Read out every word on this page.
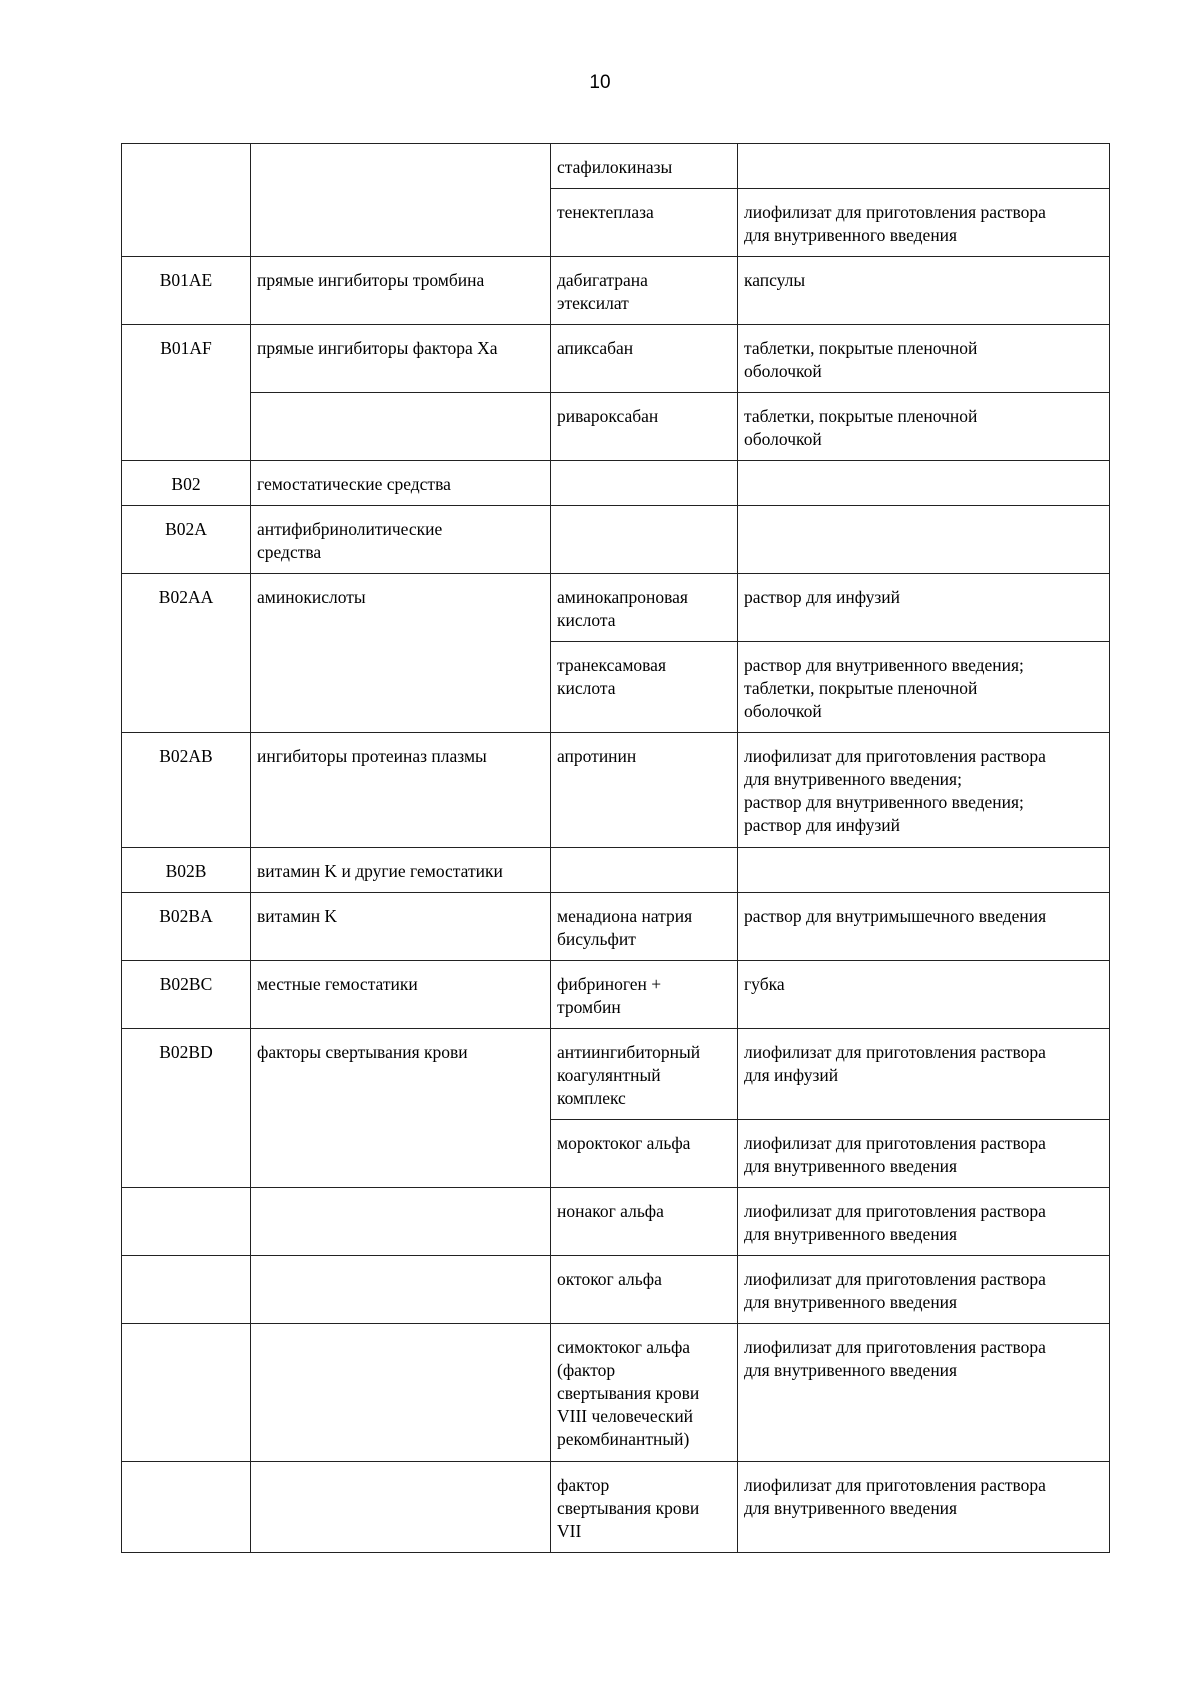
10
		стафилокиназы	
		тенектеплаза	лиофилизат для приготовления раствора
для внутривенного введения
B01AE	прямые ингибиторы тромбина	дабигатрана
этексилат	капсулы
B01AF	прямые ингибиторы фактора Xa	апиксабан	таблетки, покрытые пленочной
оболочкой
		ривароксабан	таблетки, покрытые пленочной
оболочкой
B02	гемостатические средства		
B02A	антифибринолитические
средства		
B02AA	аминокислоты	аминокапроновая
кислота	раствор для инфузий
		транексамовая
кислота	раствор для внутривенного введения;
таблетки, покрытые пленочной
оболочкой
B02AB	ингибиторы протеиназ плазмы	апротинин	лиофилизат для приготовления раствора
для внутривенного введения;
раствор для внутривенного введения;
раствор для инфузий
B02B	витамин K и другие гемостатики		
B02BA	витамин K	менадиона натрия
бисульфит	раствор для внутримышечного введения
B02BC	местные гемостатики	фибриноген +
тромбин	губка
B02BD	факторы свертывания крови	антиингибиторный
коагулянтный
комплекс	лиофилизат для приготовления раствора
для инфузий
		мороктоког альфа	лиофилизат для приготовления раствора
для внутривенного введения
		нонаког альфа	лиофилизат для приготовления раствора
для внутривенного введения
		октоког альфа	лиофилизат для приготовления раствора
для внутривенного введения
		симоктоког альфа
(фактор
свертывания крови
VIII человеческий
рекомбинантный)	лиофилизат для приготовления раствора
для внутривенного введения
		фактор
свертывания крови
VII	лиофилизат для приготовления раствора
для внутривенного введения
